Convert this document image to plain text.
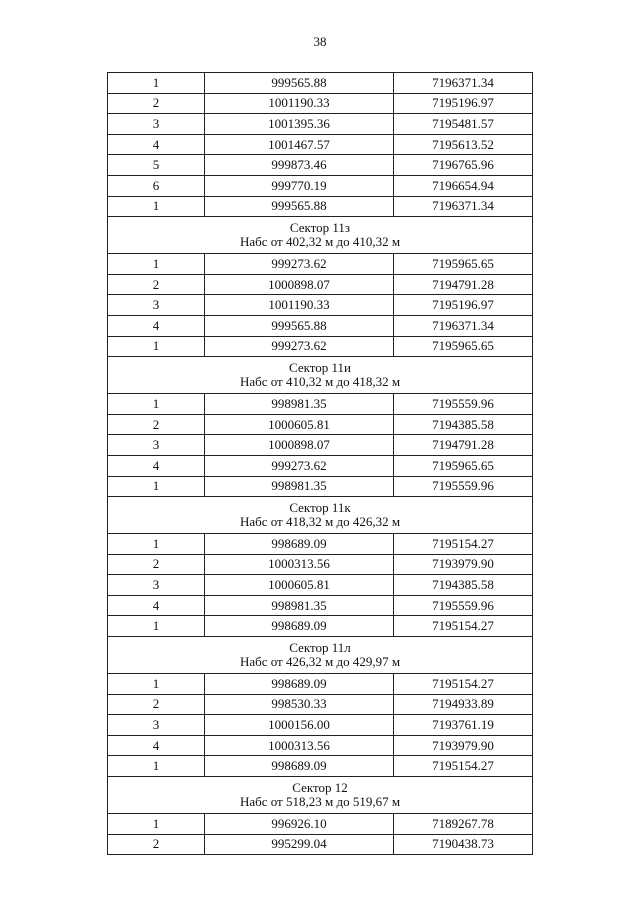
38
1	999565.88	7196371.34
2	1001190.33	7195196.97
3	1001395.36	7195481.57
4	1001467.57	7195613.52
5	999873.46	7196765.96
6	999770.19	7196654.94
1	999565.88	7196371.34

Сектор 11з
Набс от 402,32 м до 410,32 м		

1	999273.62	7195965.65
2	1000898.07	7194791.28
3	1001190.33	7195196.97
4	999565.88	7196371.34
1	999273.62	7195965.65

Сектор 11и
Набс от 410,32 м до 418,32 м		

1	998981.35	7195559.96
2	1000605.81	7194385.58
3	1000898.07	7194791.28
4	999273.62	7195965.65
1	998981.35	7195559.96

Сектор 11к
Набс от 418,32 м до 426,32 м		

1	998689.09	7195154.27
2	1000313.56	7193979.90
3	1000605.81	7194385.58
4	998981.35	7195559.96
1	998689.09	7195154.27

Сектор 11л
Набс от 426,32 м до 429,97 м		

1	998689.09	7195154.27
2	998530.33	7194933.89
3	1000156.00	7193761.19
4	1000313.56	7193979.90
1	998689.09	7195154.27

Сектор 12
Набс от 518,23 м до 519,67 м		

1	996926.10	7189267.78
2	995299.04	7190438.73
